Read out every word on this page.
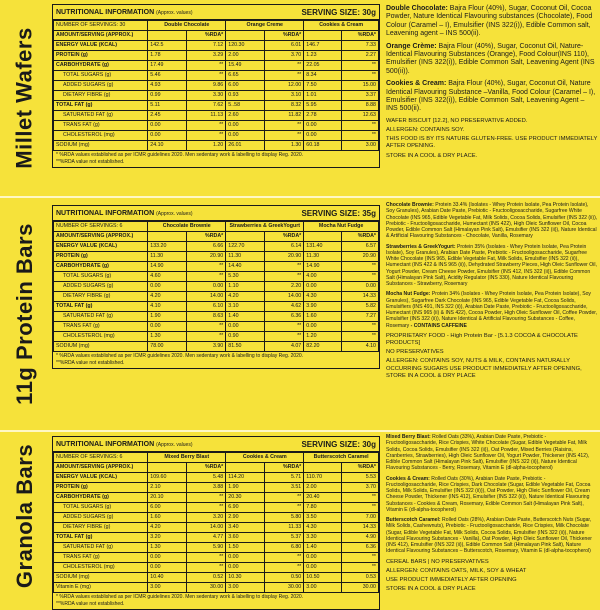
Millet Wafers
11g Protein Bars
Granola Bars
NUTRITIONAL INFORMATION (Approx. values)	SERVING SIZE: 30g
NUMBER OF SERVINGS: 30	Double Chocolate		Orange Creme		Cookies & Cream	
AMOUNT/SERVING (APPROX.)		%RDA*		%RDA*		%RDA*
ENERGY VALUE (KCAL)	142.5	7.12	120.30	6.01	146.7	7.33
PROTEIN (g)	1.78	3.29	2.00	3.70	1.23	2.27
CARBOHYDRATE (g)	17.49	**	15.49	**	22.05	**
TOTAL SUGARS (g)	5.46	**	6.65	**	8.34	**
ADDED SUGARS (g)	4.93	9.86	6.00	12.00	7.50	15.00
DIETARY FIBRE (g)	0.99	3.30	0.93	3.10	1.01	3.37
TOTAL FAT (g)	5.11	7.62	5..58	8.32	5.95	8.88
SATURATED FAT (g)	2.45	11.13	2.60	11.82	2.78	12.63
TRANS FAT (g)	0.00	**	0.00	**	0.00	**
CHOLESTEROL (mg)	0.00	**	0.00	**	0.00	**
SODIUM (mg)	24.10	1.20	26.01	1.30	60.18	3.00
* %RDA values established as per ICMR guidelines 2020. Men sedentary work & labelling to display Reg. 2020.
**%RDA value not established.
NUTRITIONAL INFORMATION (Approx. values)	SERVING SIZE: 35g
NUMBER OF SERVINGS: 6	Chocolate Brownie		Strawberries & GreekYogurt		Mocha Nut Fudge	
AMOUNT/SERVING (APPROX.)		%RDA*		%RDA*		%RDA*
ENERGY VALUE (KCAL)	133.20	6.66	122.70	6.14	131.40	6.57
PROTEIN (g)	11.30	20.90	11.30	20.90	11.30	20.90
CARBOHYDRATE (g)	14.90	**	14.40	**	14.90	**
TOTAL SUGARS (g)	4.60	**	5.30	**	4.00	**
ADDED SUGARS (g)	0.00	0.00	1.10	2.20	0.00	0.00
DIETARY FIBRE (g)	4.20	14.00	4.20	14.00	4.30	14.33
TOTAL FAT (g)	4.10	6.10	3.10	4.62	3.90	5.82
SATURATED FAT (g)	1.90	8.63	1.40	6.36	1.60	7.27
TRANS FAT (g)	0.00	**	0.00	**	0.00	**
CHOLESTEROL (mg)	1.30	**	0.90	**	1.20	**
SODIUM (mg)	78.00	3.90	81.50	4.07	82.20	4.10
* %RDA values established as per ICMR guidelines 2020. Men sedentary work & labelling to display Reg. 2020.
**%RDA value not established.
NUTRITIONAL INFORMATION (Approx. values)	SERVING SIZE: 30g
NUMBER OF SERVINGS: 6	Mixed Berry Blast		Cookies & Cream		Butterscotch Caramel	
AMOUNT/SERVING (APPROX.)		%RDA*		%RDA*		%RDA*
ENERGY VALUE (KCAL)	109.60	5.48	114.20	5.71	110.70	5.53
PROTEIN (g)	2.10	3.88	1.90	3.51	2.00	3.70
CARBOHYDRATE (g)	20.10	**	20.30	**	20.40	**
TOTAL SUGARS (g)	6.00	**	6.90	**	7.80	**
ADDED SUGARS (g)	1.60	3.20	2.90	5.80	3.50	7.00
DIETARY FIBRE (g)	4.20	14.00	3.40	11.33	4.30	14.33
TOTAL FAT (g)	3.20	4.77	3.60	5.37	3.30	4.90
SATURATED FAT (g)	1.30	5.90	1.50	6.80	1.40	6.36
TRANS FAT (g)	0.00	**	0.00	**	0.00	**
CHOLESTEROL (mg)	0.00	**	0.00	**	0.00	**
SODIUM (mg)	10.40	0.52	10.30	0.50	10.50	0.53
Vitamin E (mg)	3.00	30.00	3.00	30.00	3.00	30.00
* %RDA values established as per ICMR guidelines 2020. Men sedentary work & labelling to display Reg. 2020.
**%RDA value not established.

Double Chocolate: Bajra Flour (40%), Sugar, Coconut Oil, Cocoa Powder, Nature Identical Flavouring substances (Chocolate), Food Colour (Caramel – I), Emulsifier (INS 322(i)), Edible Common salt, Leavening agent – INS 500(ii).

Orange Crème: Bajra Flour (40%), Sugar, Coconut Oil, Nature-Identical Flavouring Substances (Orange), Food Colour(INS 110), Emulsifier (INS 322(i)), Edible Common Salt, Leavening Agent (INS 500(ii)).

Cookies & Cream: Bajra Flour (40%), Sugar, Coconut Oil, Nature Identical Flavouring Substance –Vanilla, Food Colour (Caramel – I), Emulsifier (INS 322(i)), Edible Common Salt, Leavening Agent – INS 500(ii).

WAFER BISCUIT [12.2], NO PRESERVATIVE ADDED.
ALLERGEN: CONTAINS SOY.
THIS FOOD IS BY ITS NATURE GLUTEN-FREE. USE PRODUCT IMMEDIATELY AFTER OPENING.
STORE IN A COOL & DRY PLACE.

Chocolate Brownie: Protein 33.4% (Isolates - Whey Protein Isolate, Pea Protein Isolate), Soy Granules), Arabian Date Paste, Prebiotic - Fructooligosaccharide, Sugarfree White Chocolate (INS 965, Edible Vegetable Fat, Milk Solids, Cocoa Solids, Emulsifier (INS 322 (ii)), Prebiotic - Fructooligosaccharide, Humectant (INS 422), High Oleic Sunflower Oil, Cocoa Powder, Edible Common Salt (Himalayan Pink Salt), Emulsifier (INS 322 (ii)), Nature Identical & Artificial Flavouring Substances - Chocolate, Vanilla, Rosemary

Strawberries & GreekYogurt: Protein 35% (Isolates - Whey Protein Isolate, Pea Protein Isolate), Soy Granules), Arabian Date Paste, Prebiotic - Fructooligosaccharide, Sugarfree White Chocolate (INS 965, Edible Vegetable Fat, Milk Solids, Emulsifier (INS 322 (ii)), Humectant (INS 422 & INS 965 (ii)), Dehydrated Strawberry Pieces, High Oleic Sunflower Oil, Yogurt Powder, Cream Cheese Powder, Emulsifier (INS 412, INS 322 (ii)), Edible Common Salt (Himalayan Pink Salt), Acidity Regulator (INS 330), Nature Identical Flavouring Substances - Strawberry, Rosemary

Mocha Nut Fudge: Protein 34% (Isolates - Whey Protein Isolate, Pea Protein Isolate), Soy Granules), Sugarfree Dark Chocolate (INS 965, Edible Vegetable Fat, Cocoa Solids, Emulsifiers (INS 491, INS 322 (ii)), Arabian Date Paste, Prebiotic - Fructooligosaccharide, Humectant (INS 965 (ii) & INS 422), Cocoa Powder, High Oleic Sunflower Oil, Coffee Powder, Emulsifier (INS 322 (ii)), Nature Identical & Artificial Flavouring Substances - Coffee, Rosemary - CONTAINS CAFFEINE

PROPRIETARY FOOD - High Protein Bar - [5.1.3 COCOA & CHOCOLATE PRODUCTS]
NO PRESERVATIVES
ALLERGEN: CONTAINS SOY, NUTS & MILK, CONTAINS NATURALLY OCCURRING SUGARS USE PRODUCT IMMEDIATELY AFTER OPENING, STORE IN A COOL & DRY PLACE

Mixed Berry Blast: Rolled Oats (33%), Arabian Date Paste, Prebiotic - Fructooligosaccharide, Rice Crispies, White Chocolate (Sugar, Edible Vegetable Fat, Milk Solids, Cocoa Solids, Emulsifier (INS 322 (ii)), Oat Powder, Mixed Berries (Raisins, Cranberries, Strawberries), High Oleic Sunflower Oil, Yogurt Powder, Thickener (INS 412), Edible Common Salt (Himalayan Pink Salt), Emulsifier (INS 322 (ii)), Nature Identical Flavouring Substances - Berry, Rosemary, Vitamin E (dl-alpha-tocopherol)

Cookies & Cream: Rolled Oats (30%), Arabian Date Paste, Prebiotic - Fructooligosaccharide, Rice Crispies, Dark Chocolate (Sugar, Edible Vegetable Fat, Cocoa Solids, Milk Solids, Emulsifier (INS 322 (ii))), Oat Powder, High Oleic Sunflower Oil, Cream Cheese Powder, Thickener (INS 412), Emulsifier (INS 322 (ii)), Nature Identical Flavouring Substances - Cookies & Cream, Rosemary, Edible Common Salt (Himalayan Pink Salt), Vitamin E (dl-alpha-tocopherol)

Butterscotch Caramel: Rolled Oats (28%), Arabian Date Paste, Butterscotch Nuts (Sugar, Milk Solids, Cashewnuts), Prebiotic - Fructooligosaccharide, Rice Crispies, Milk Chocolate (Sugar, Edible Vegetable Fat, Milk Solids, Cocoa Solids, Emulsifier (INS 322 (ii)), Nature Identical Flavouring Substances - Vanilla), Oat Powder, High Oleic Sunflower Oil, Thickener (INS 412), Emulsifier (INS 322 (ii)), Edible Common Salt (Himalayan Pink Salt), Nature Identical Flavouring Substances – Butterscotch, Rosemary, Vitamin E (dl-alpha-tocopherol)

CEREAL BARS | NO PRESERVATIVES
ALLERGEN: CONTAINS OATS, MILK, SOY & WHEAT
USE PRODUCT IMMEDIATELY AFTER OPENING
STORE IN A COOL & DRY PLACE
